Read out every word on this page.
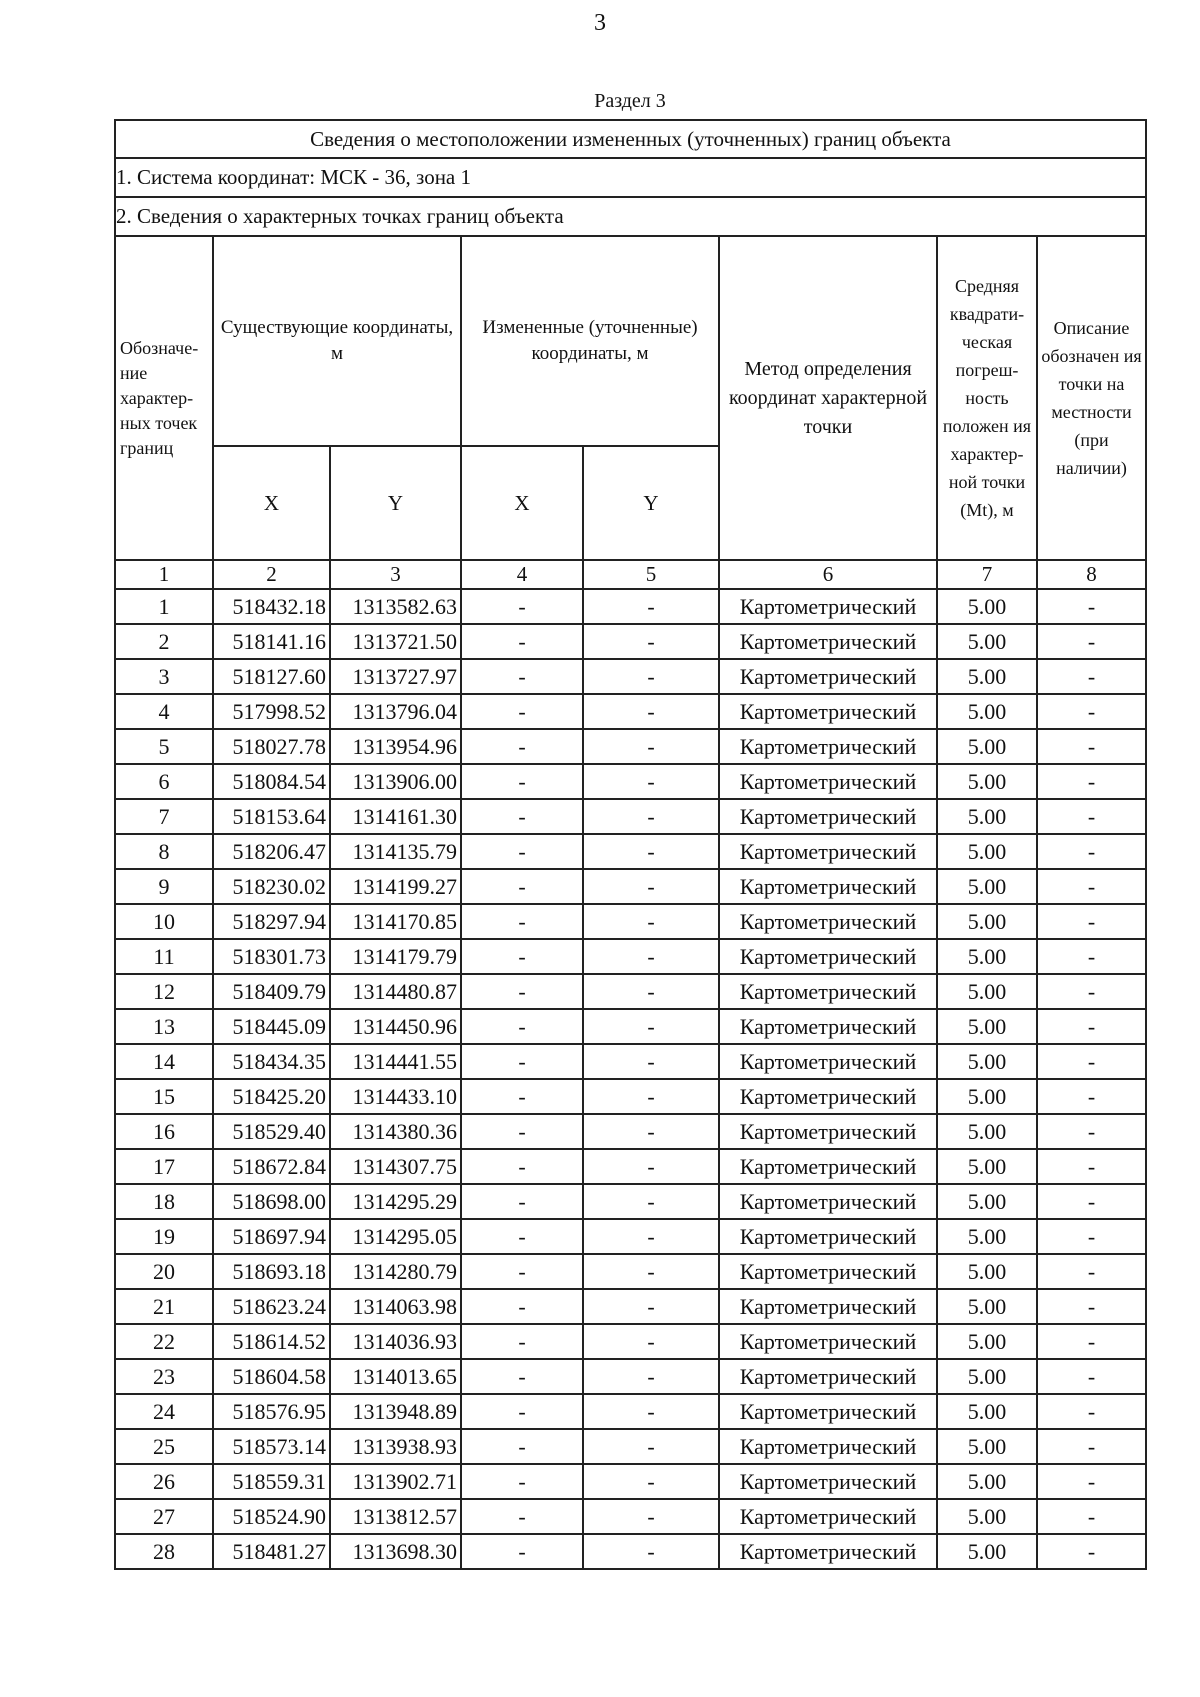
3
Раздел 3
Сведения о местоположении измененных (уточненных) границ объекта							
1. Система координат: МСК - 36, зона 1							
2. Сведения о характерных точках границ объекта							
Обозначе- ние характер- ных точек границ	Существующие координаты, м		Измененные (уточненные) координаты, м		Метод определения координат характерной точки	Средняя квадрати- ческая погреш- ность положен ия характер- ной точки (Mt), м	Описание обозначен ия точки на местности (при наличии)
	X	Y	X	Y			
1	2	3	4	5	6	7	8
1	518432.18	1313582.63	-	-	Картометрический	5.00	-
2	518141.16	1313721.50	-	-	Картометрический	5.00	-
3	518127.60	1313727.97	-	-	Картометрический	5.00	-
4	517998.52	1313796.04	-	-	Картометрический	5.00	-
5	518027.78	1313954.96	-	-	Картометрический	5.00	-
6	518084.54	1313906.00	-	-	Картометрический	5.00	-
7	518153.64	1314161.30	-	-	Картометрический	5.00	-
8	518206.47	1314135.79	-	-	Картометрический	5.00	-
9	518230.02	1314199.27	-	-	Картометрический	5.00	-
10	518297.94	1314170.85	-	-	Картометрический	5.00	-
11	518301.73	1314179.79	-	-	Картометрический	5.00	-
12	518409.79	1314480.87	-	-	Картометрический	5.00	-
13	518445.09	1314450.96	-	-	Картометрический	5.00	-
14	518434.35	1314441.55	-	-	Картометрический	5.00	-
15	518425.20	1314433.10	-	-	Картометрический	5.00	-
16	518529.40	1314380.36	-	-	Картометрический	5.00	-
17	518672.84	1314307.75	-	-	Картометрический	5.00	-
18	518698.00	1314295.29	-	-	Картометрический	5.00	-
19	518697.94	1314295.05	-	-	Картометрический	5.00	-
20	518693.18	1314280.79	-	-	Картометрический	5.00	-
21	518623.24	1314063.98	-	-	Картометрический	5.00	-
22	518614.52	1314036.93	-	-	Картометрический	5.00	-
23	518604.58	1314013.65	-	-	Картометрический	5.00	-
24	518576.95	1313948.89	-	-	Картометрический	5.00	-
25	518573.14	1313938.93	-	-	Картометрический	5.00	-
26	518559.31	1313902.71	-	-	Картометрический	5.00	-
27	518524.90	1313812.57	-	-	Картометрический	5.00	-
28	518481.27	1313698.30	-	-	Картометрический	5.00	-
